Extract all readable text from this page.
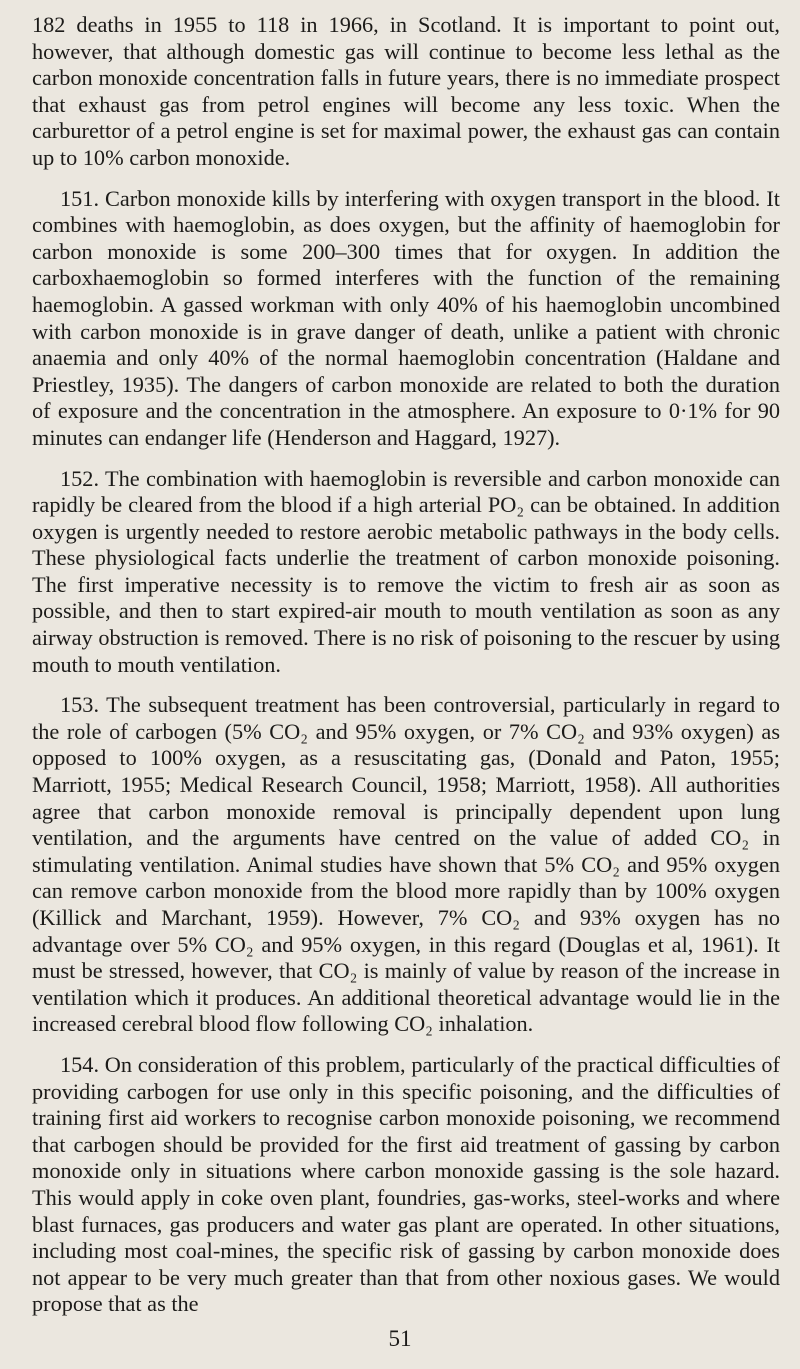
182 deaths in 1955 to 118 in 1966, in Scotland. It is important to point out, however, that although domestic gas will continue to become less lethal as the carbon monoxide concentration falls in future years, there is no immediate prospect that exhaust gas from petrol engines will become any less toxic. When the carburettor of a petrol engine is set for maximal power, the exhaust gas can contain up to 10% carbon monoxide.

151. Carbon monoxide kills by interfering with oxygen transport in the blood. It combines with haemoglobin, as does oxygen, but the affinity of haemoglobin for carbon monoxide is some 200–300 times that for oxygen. In addition the carboxhaemoglobin so formed interferes with the function of the remaining haemoglobin. A gassed workman with only 40% of his haemoglobin uncombined with carbon monoxide is in grave danger of death, unlike a patient with chronic anaemia and only 40% of the normal haemoglobin concentration (Haldane and Priestley, 1935). The dangers of carbon monoxide are related to both the duration of exposure and the concentration in the atmosphere. An exposure to 0·1% for 90 minutes can endanger life (Henderson and Haggard, 1927).

152. The combination with haemoglobin is reversible and carbon monoxide can rapidly be cleared from the blood if a high arterial PO₂ can be obtained. In addition oxygen is urgently needed to restore aerobic metabolic pathways in the body cells. These physiological facts underlie the treatment of carbon monoxide poisoning. The first imperative necessity is to remove the victim to fresh air as soon as possible, and then to start expired-air mouth to mouth ventilation as soon as any airway obstruction is removed. There is no risk of poisoning to the rescuer by using mouth to mouth ventilation.

153. The subsequent treatment has been controversial, particularly in regard to the role of carbogen (5% CO₂ and 95% oxygen, or 7% CO₂ and 93% oxygen) as opposed to 100% oxygen, as a resuscitating gas, (Donald and Paton, 1955; Marriott, 1955; Medical Research Council, 1958; Marriott, 1958). All authorities agree that carbon monoxide removal is principally dependent upon lung ventilation, and the arguments have centred on the value of added CO₂ in stimulating ventilation. Animal studies have shown that 5% CO₂ and 95% oxygen can remove carbon monoxide from the blood more rapidly than by 100% oxygen (Killick and Marchant, 1959). However, 7% CO₂ and 93% oxygen has no advantage over 5% CO₂ and 95% oxygen, in this regard (Douglas et al, 1961). It must be stressed, however, that CO₂ is mainly of value by reason of the increase in ventilation which it produces. An additional theoretical advantage would lie in the increased cerebral blood flow following CO₂ inhalation.

154. On consideration of this problem, particularly of the practical difficulties of providing carbogen for use only in this specific poisoning, and the difficulties of training first aid workers to recognise carbon monoxide poisoning, we recommend that carbogen should be provided for the first aid treatment of gassing by carbon monoxide only in situations where carbon monoxide gassing is the sole hazard. This would apply in coke oven plant, foundries, gas-works, steel-works and where blast furnaces, gas producers and water gas plant are operated. In other situations, including most coal-mines, the specific risk of gassing by carbon monoxide does not appear to be very much greater than that from other noxious gases. We would propose that as the

51
